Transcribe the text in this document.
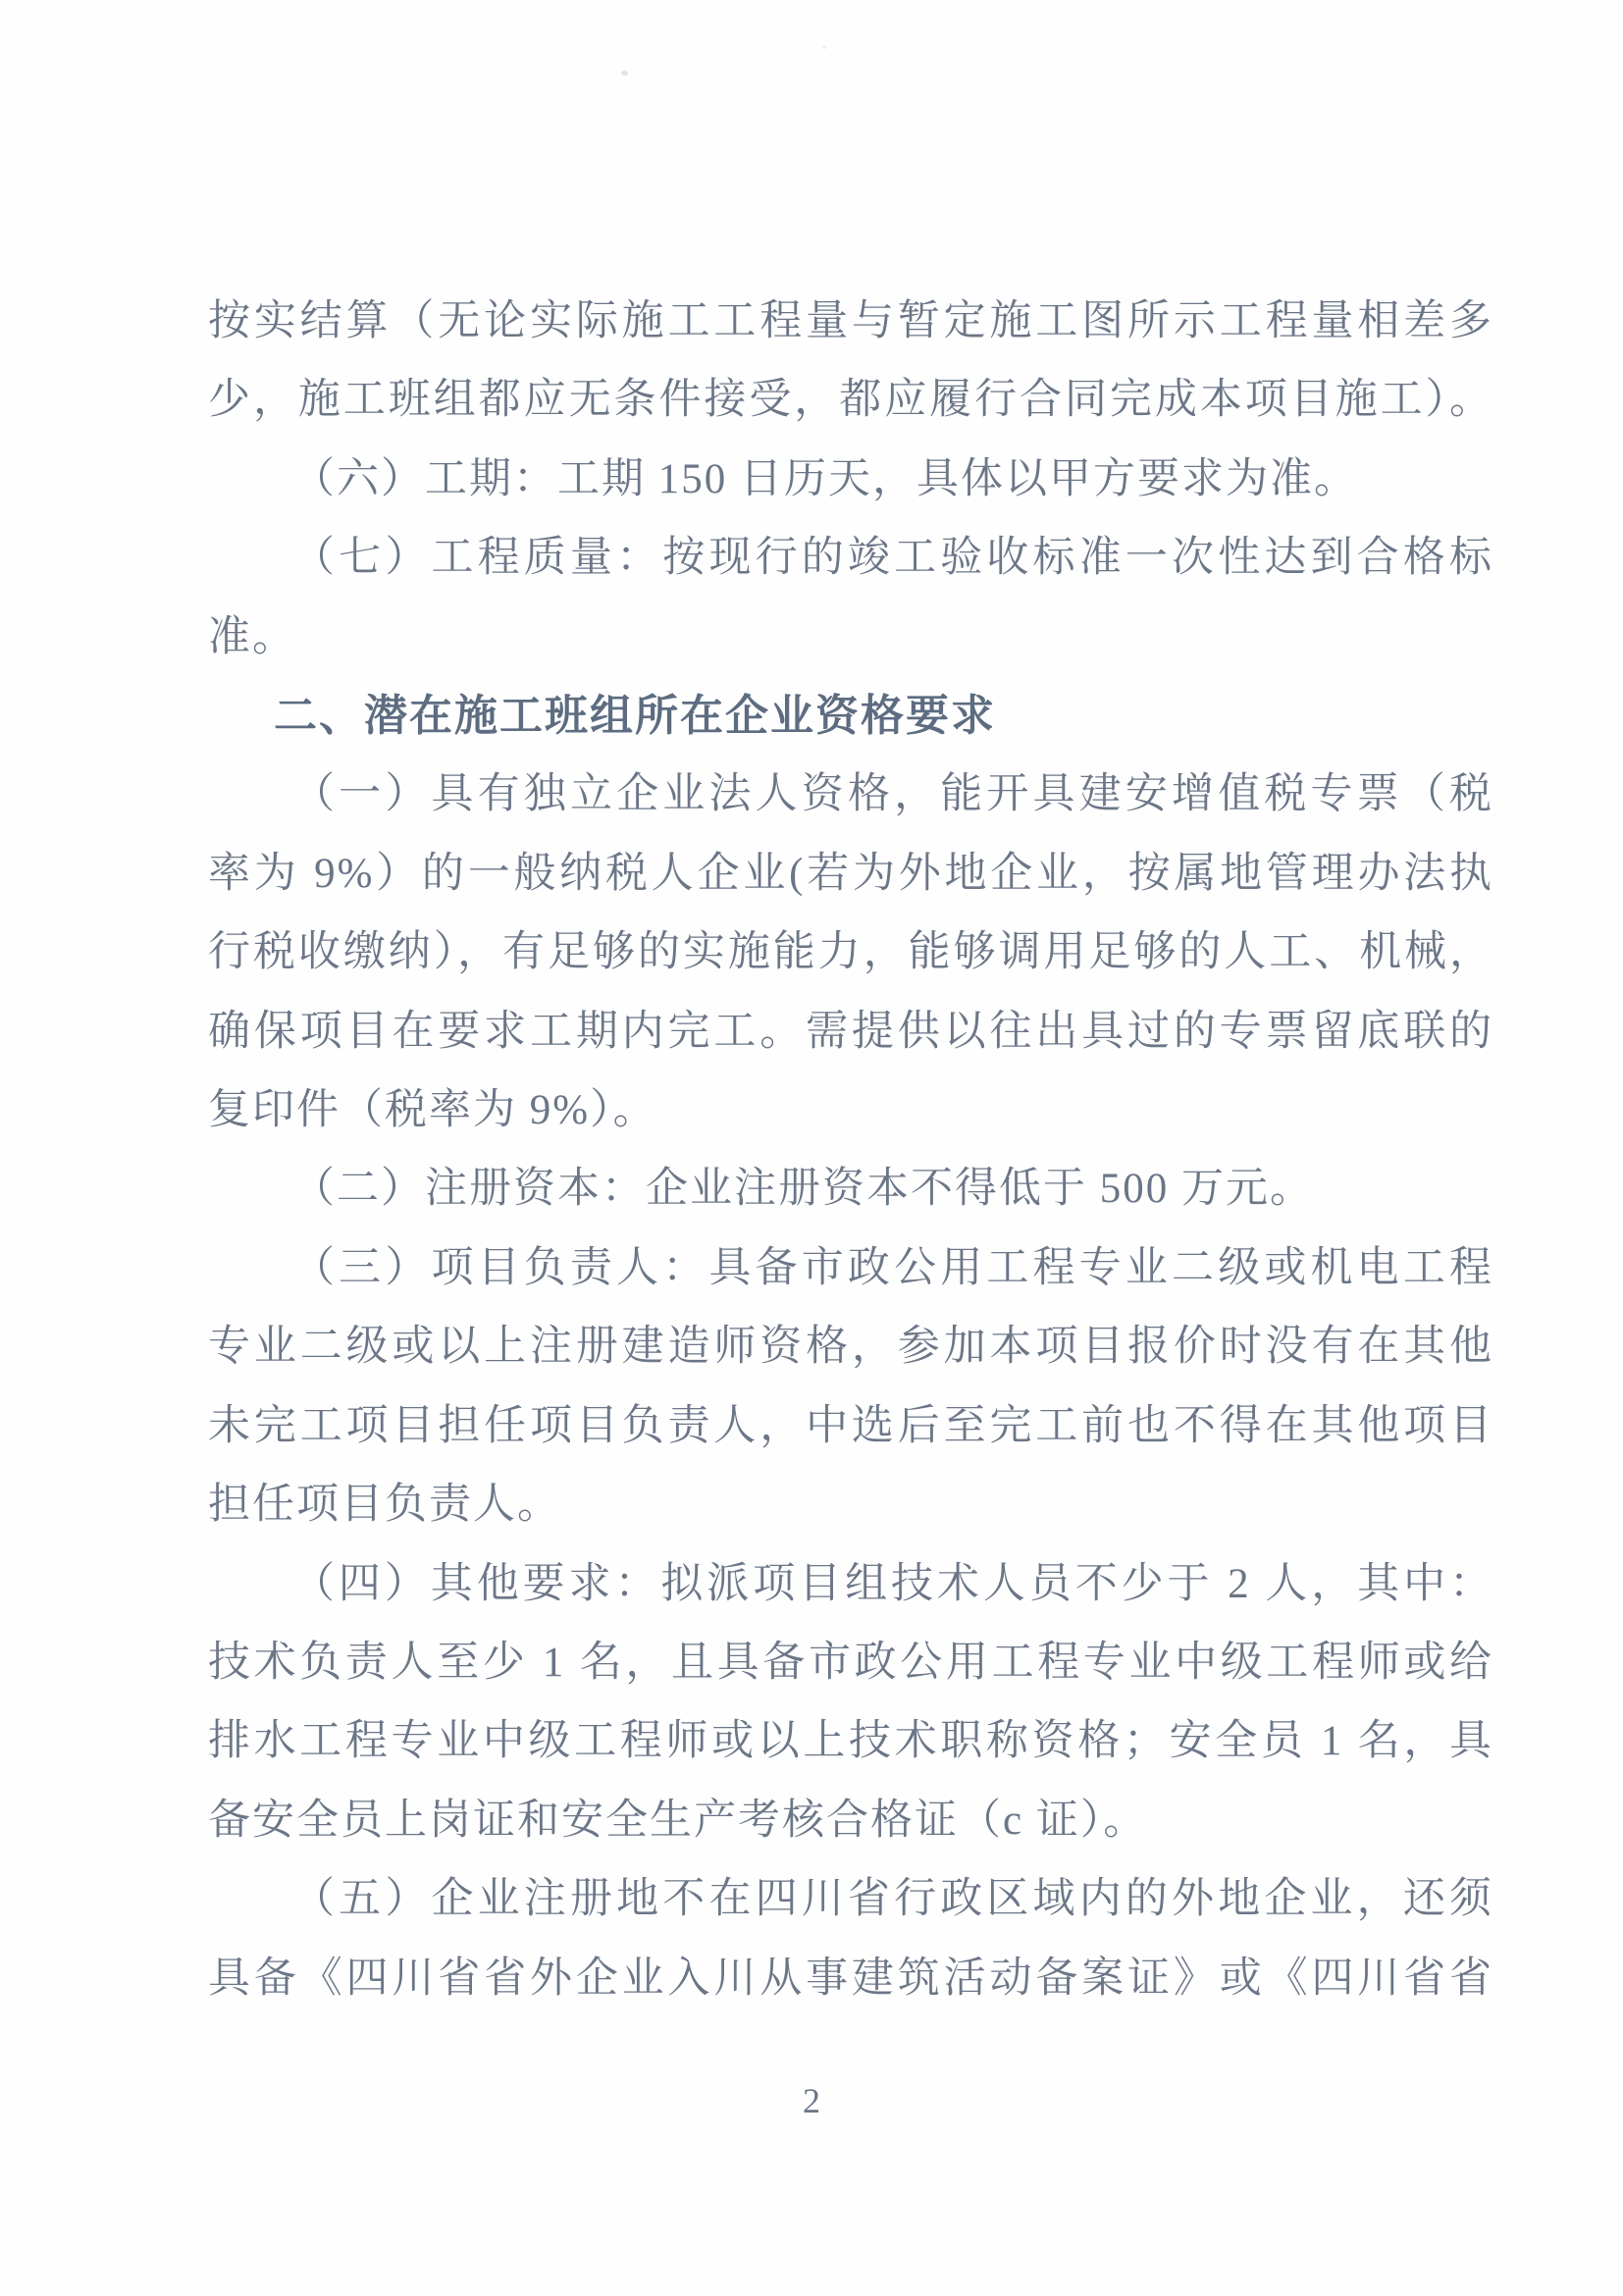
按实结算（无论实际施工工程量与暂定施工图所示工程量相差多
少，施工班组都应无条件接受，都应履行合同完成本项目施工）。
（六）工期：工期 150 日历天，具体以甲方要求为准。
（七）工程质量：按现行的竣工验收标准一次性达到合格标
准。
二、潜在施工班组所在企业资格要求
（一）具有独立企业法人资格，能开具建安增值税专票（税
率为 9%）的一般纳税人企业(若为外地企业，按属地管理办法执
行税收缴纳），有足够的实施能力，能够调用足够的人工、机械，
确保项目在要求工期内完工。需提供以往出具过的专票留底联的
复印件（税率为 9%）。
（二）注册资本：企业注册资本不得低于 500 万元。
（三）项目负责人：具备市政公用工程专业二级或机电工程
专业二级或以上注册建造师资格，参加本项目报价时没有在其他
未完工项目担任项目负责人，中选后至完工前也不得在其他项目
担任项目负责人。
（四）其他要求：拟派项目组技术人员不少于 2 人，其中：
技术负责人至少 1 名，且具备市政公用工程专业中级工程师或给
排水工程专业中级工程师或以上技术职称资格；安全员 1 名，具
备安全员上岗证和安全生产考核合格证（c 证）。
（五）企业注册地不在四川省行政区域内的外地企业，还须
具备《四川省省外企业入川从事建筑活动备案证》或《四川省省
2
